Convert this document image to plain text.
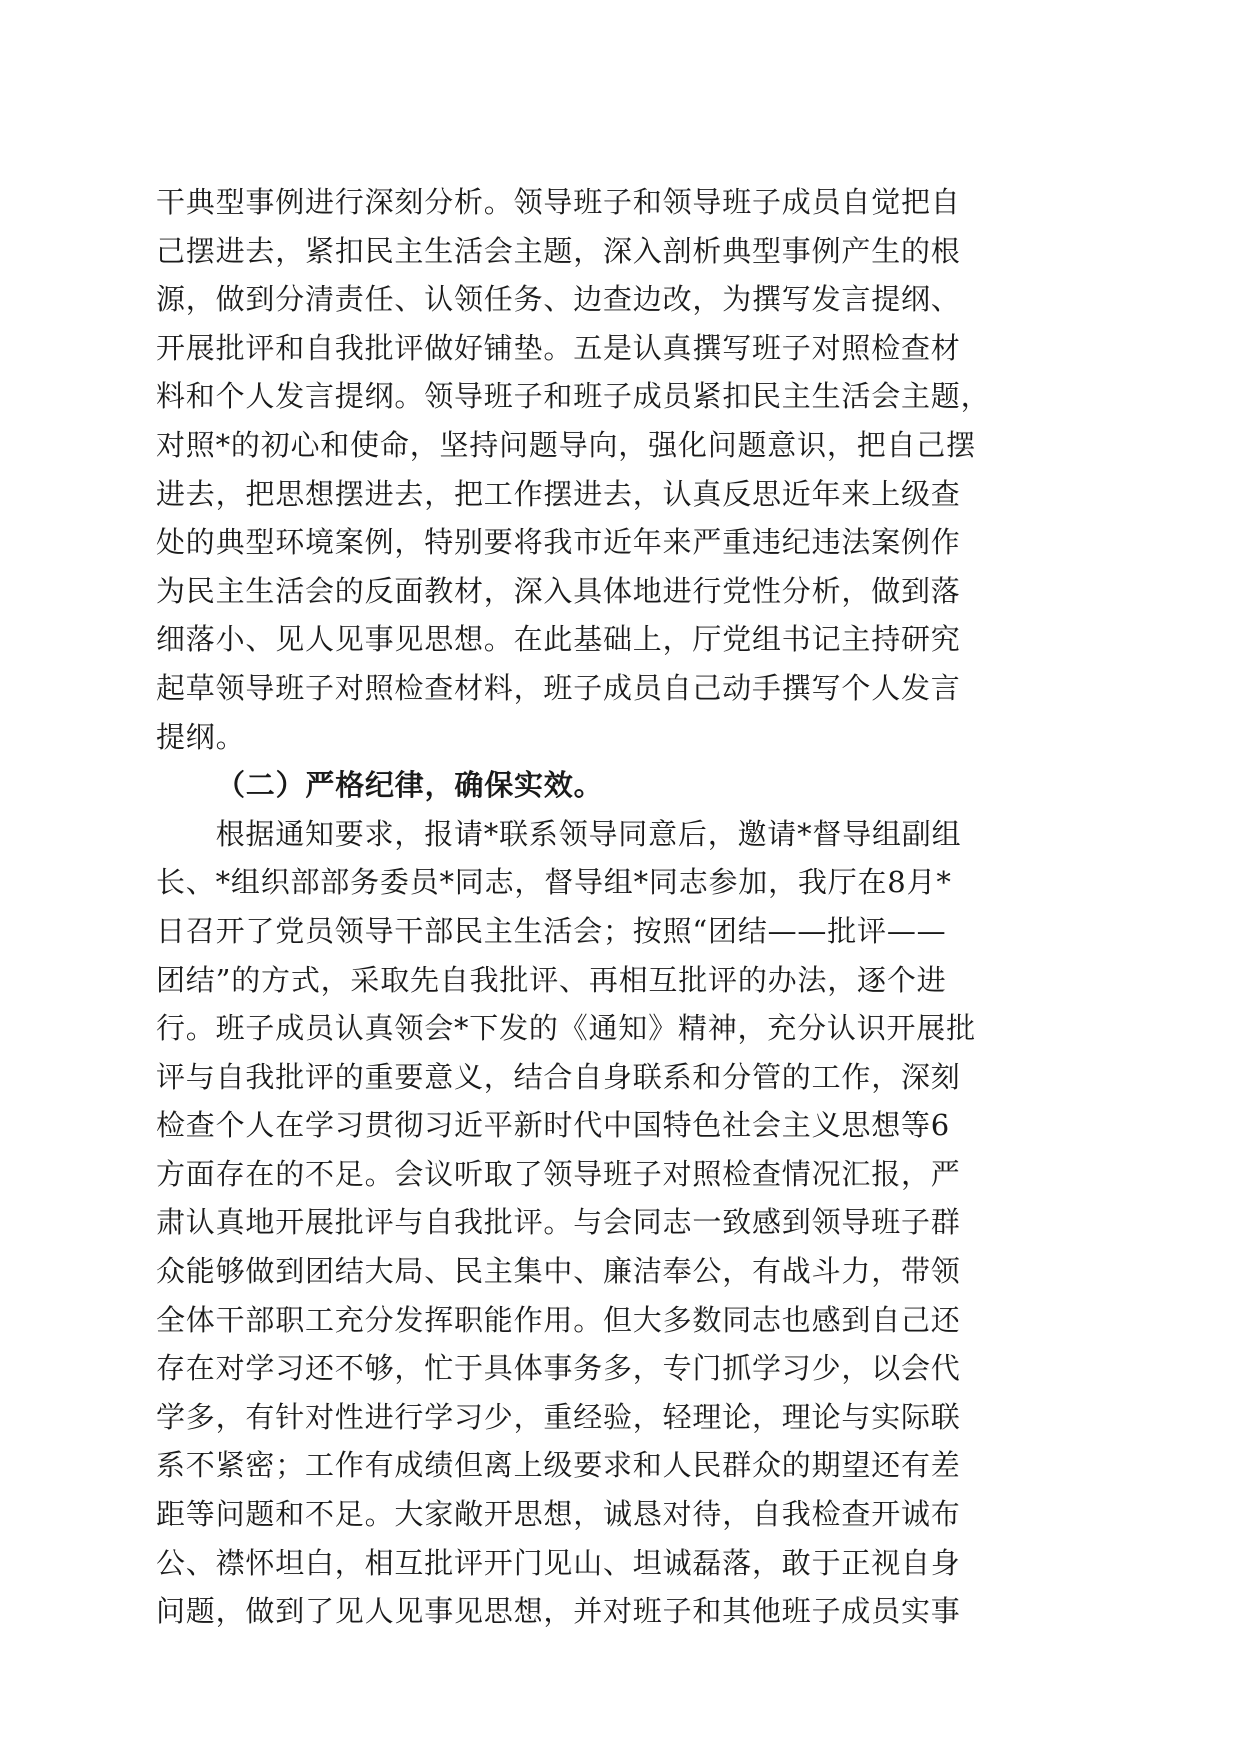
干典型事例进行深刻分析。领导班子和领导班子成员自觉把自
己摆进去，紧扣民主生活会主题，深入剖析典型事例产生的根
源，做到分清责任、认领任务、边查边改，为撰写发言提纲、
开展批评和自我批评做好铺垫。五是认真撰写班子对照检查材
料和个人发言提纲。领导班子和班子成员紧扣民主生活会主题，
对照*的初心和使命，坚持问题导向，强化问题意识，把自己摆
进去，把思想摆进去，把工作摆进去，认真反思近年来上级查
处的典型环境案例，特别要将我市近年来严重违纪违法案例作
为民主生活会的反面教材，深入具体地进行党性分析，做到落
细落小、见人见事见思想。在此基础上，厅党组书记主持研究
起草领导班子对照检查材料，班子成员自己动手撰写个人发言
提纲。
（二）严格纪律，确保实效。
　　根据通知要求，报请*联系领导同意后，邀请*督导组副组
长、*组织部部务委员*同志，督导组*同志参加，我厅在8月*
日召开了党员领导干部民主生活会；按照“团结——批评——
团结”的方式，采取先自我批评、再相互批评的办法，逐个进
行。班子成员认真领会*下发的《通知》精神，充分认识开展批
评与自我批评的重要意义，结合自身联系和分管的工作，深刻
检查个人在学习贯彻习近平新时代中国特色社会主义思想等6
方面存在的不足。会议听取了领导班子对照检查情况汇报，严
肃认真地开展批评与自我批评。与会同志一致感到领导班子群
众能够做到团结大局、民主集中、廉洁奉公，有战斗力，带领
全体干部职工充分发挥职能作用。但大多数同志也感到自己还
存在对学习还不够，忙于具体事务多，专门抓学习少，以会代
学多，有针对性进行学习少，重经验，轻理论，理论与实际联
系不紧密；工作有成绩但离上级要求和人民群众的期望还有差
距等问题和不足。大家敞开思想，诚恳对待，自我检查开诚布
公、襟怀坦白，相互批评开门见山、坦诚磊落，敢于正视自身
问题，做到了见人见事见思想，并对班子和其他班子成员实事
